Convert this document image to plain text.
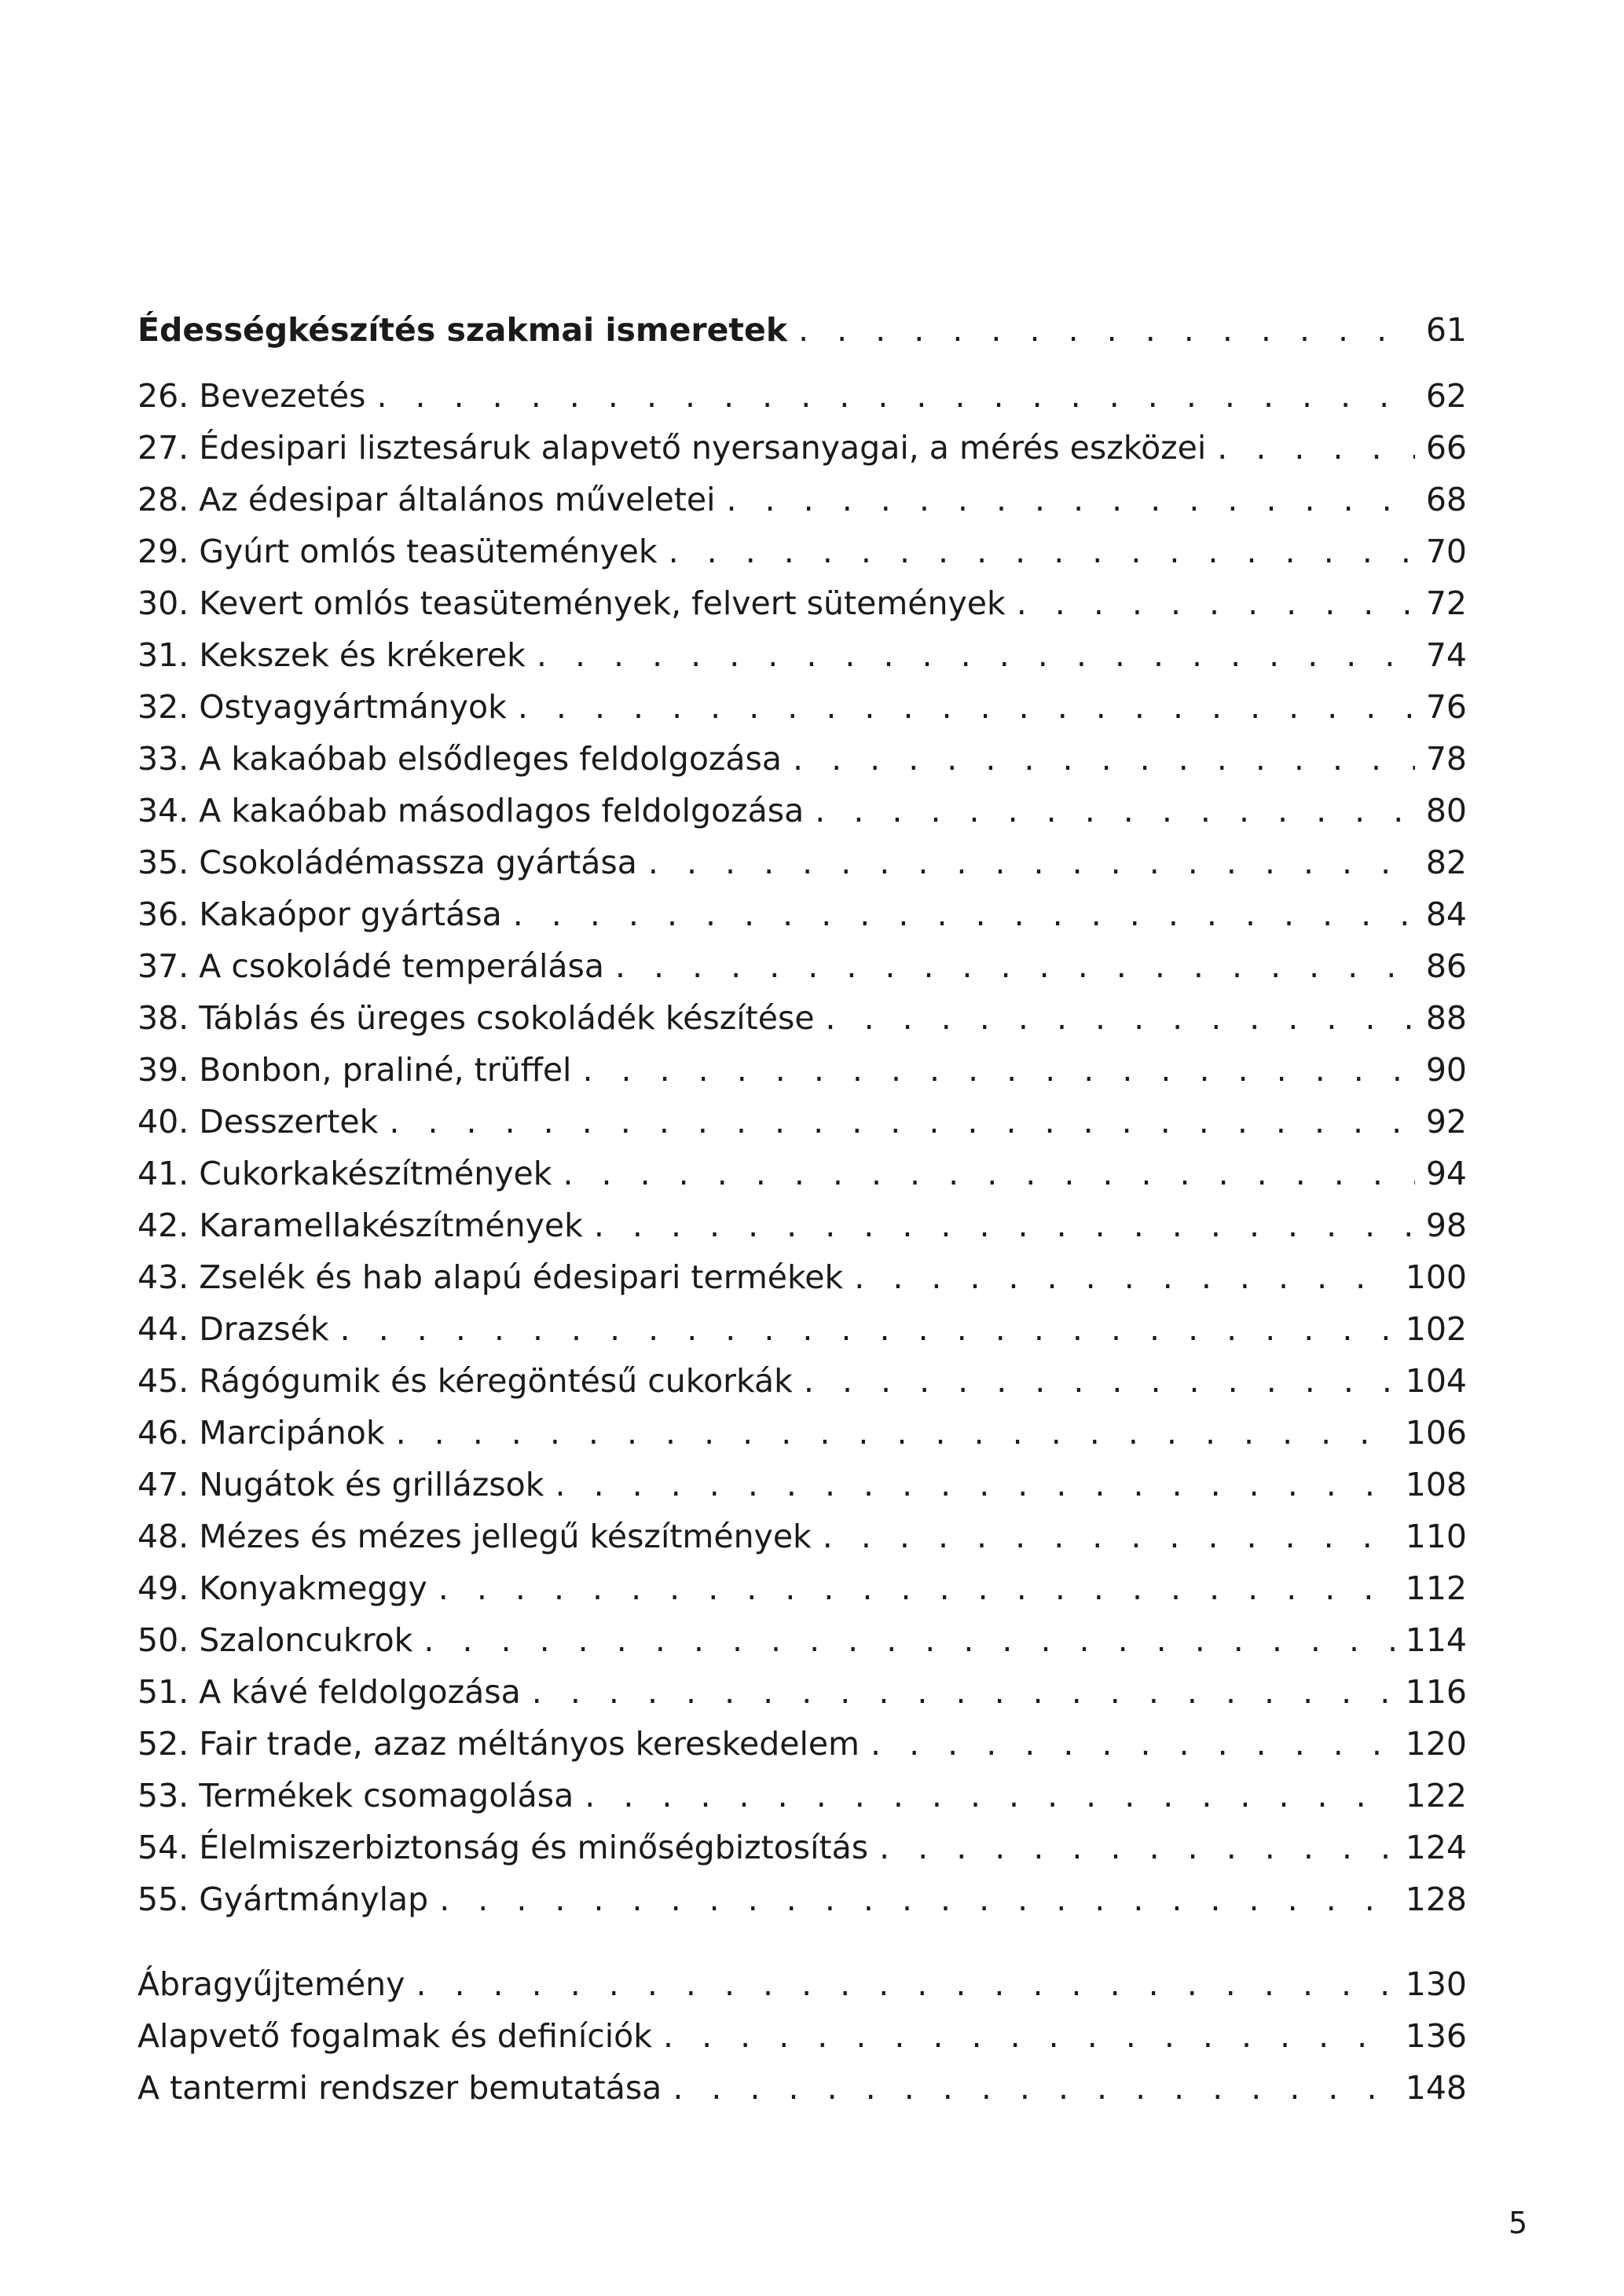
Édességkészítés szakmai ismeretek . . .	61
26. Bevezetés . . .	62
27. Édesipari lisztesáruk alapvető nyersanyagai, a mérés eszközei . . .	66
28. Az édesipar általános műveletei . . .	68
29. Gyúrt omlós teasütemények . . .	70
30. Kevert omlós teasütemények, felvert sütemények . . .	72
31. Kekszek és krékerek . . .	74
32. Ostyagyártmányok . . .	76
33. A kakaóbab elsődleges feldolgozása . . .	78
34. A kakaóbab másodlagos feldolgozása . . .	80
35. Csokoládémassza gyártása . . .	82
36. Kakaópor gyártása . . .	84
37. A csokoládé temperálása . . .	86
38. Táblás és üreges csokoládék készítése . . .	88
39. Bonbon, praliné, trüffel . . .	90
40. Desszertek . . .	92
41. Cukorkakészítmények . . .	94
42. Karamellakészítmények . . .	98
43. Zselék és hab alapú édesipari termékek . . .	100
44. Drazsék . . .	102
45. Rágógumik és kéregöntésű cukorkák . . .	104
46. Marcipánok . . .	106
47. Nugátok és grillázsok . . .	108
48. Mézes és mézes jellegű készítmények . . .	110
49. Konyakmeggy . . .	112
50. Szaloncukrok . . .	114
51. A kávé feldolgozása . . .	116
52. Fair trade, azaz méltányos kereskedelem . . .	120
53. Termékek csomagolása . . .	122
54. Élelmiszerbiztonság és minőségbiztosítás . . .	124
55. Gyártmánylap . . .	128
Ábragyűjtemény . . .	130
Alapvető fogalmak és definíciók . . .	136
A tantermi rendszer bemutatása . . .	148
5
